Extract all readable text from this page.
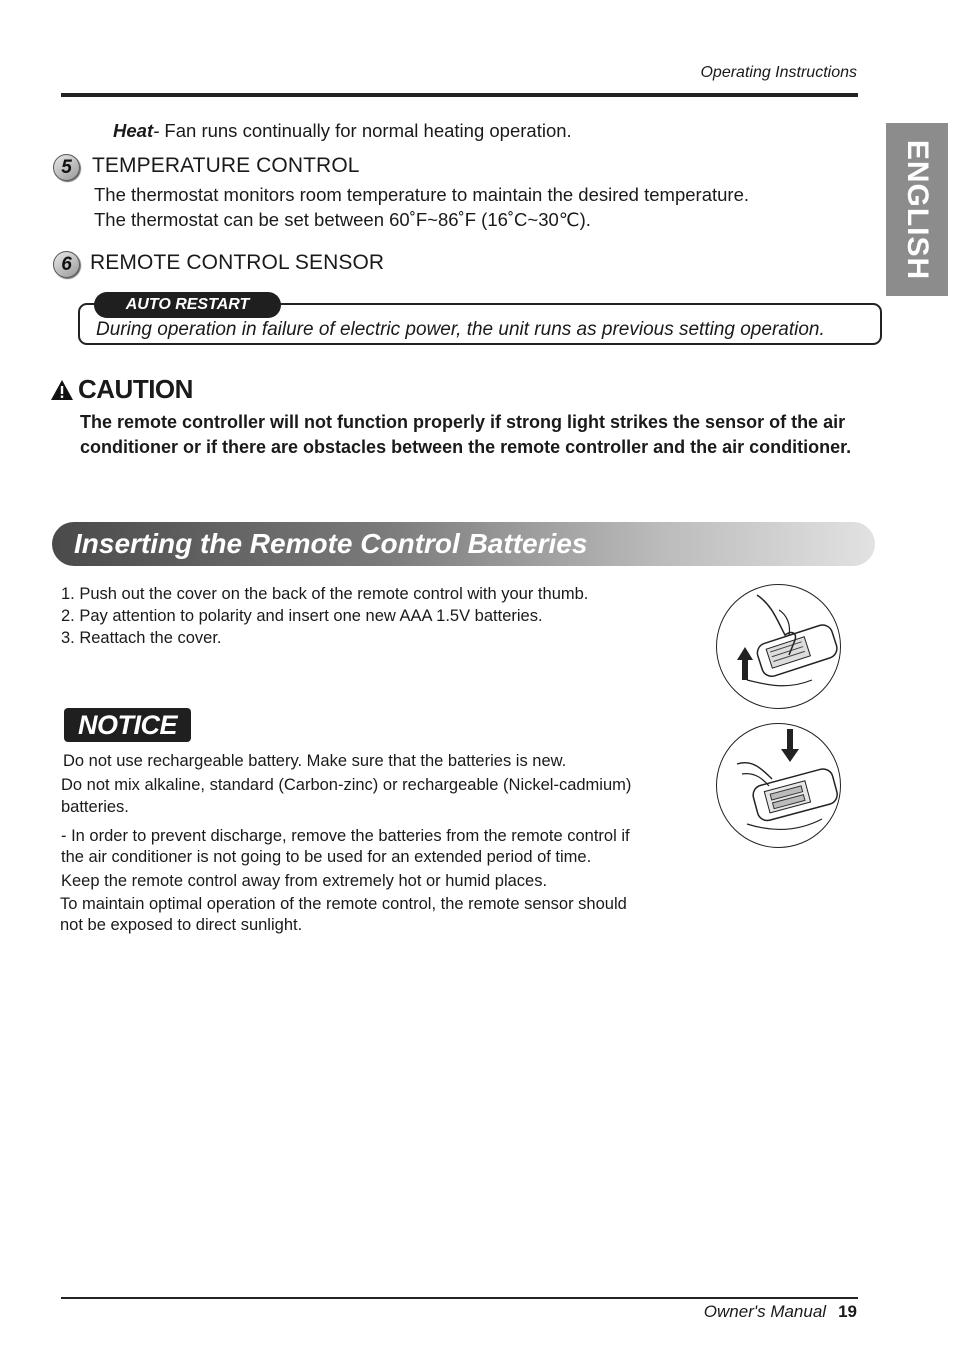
Operating Instructions
ENGLISH
Heat- Fan runs continually for normal heating operation.
5 TEMPERATURE CONTROL
The thermostat monitors room temperature to maintain the desired temperature.
The thermostat can be set between 60˚F~86˚F (16˚C~30℃).
6 REMOTE CONTROL SENSOR
AUTO RESTART
During operation in failure of electric power, the unit runs as previous setting operation.
CAUTION
The remote controller will not function properly if strong light strikes the sensor of the air
conditioner or if there are obstacles between the remote controller and the air conditioner.
Inserting the Remote Control Batteries
1. Push out the cover on the back of the remote control with your thumb.
2. Pay attention to polarity and insert one new AAA 1.5V batteries.
3. Reattach the cover.
NOTICE
Do not use rechargeable battery. Make sure that the batteries is new.
Do not mix alkaline, standard (Carbon-zinc) or rechargeable (Nickel-cadmium)
batteries.
- In order to prevent discharge, remove the batteries from the remote control if
the air conditioner is not going to be used for an extended period of time.
Keep the remote control away from extremely hot or humid places.
To maintain optimal operation of the remote control, the remote sensor should
not be exposed to direct sunlight.
Owner's Manual 19
